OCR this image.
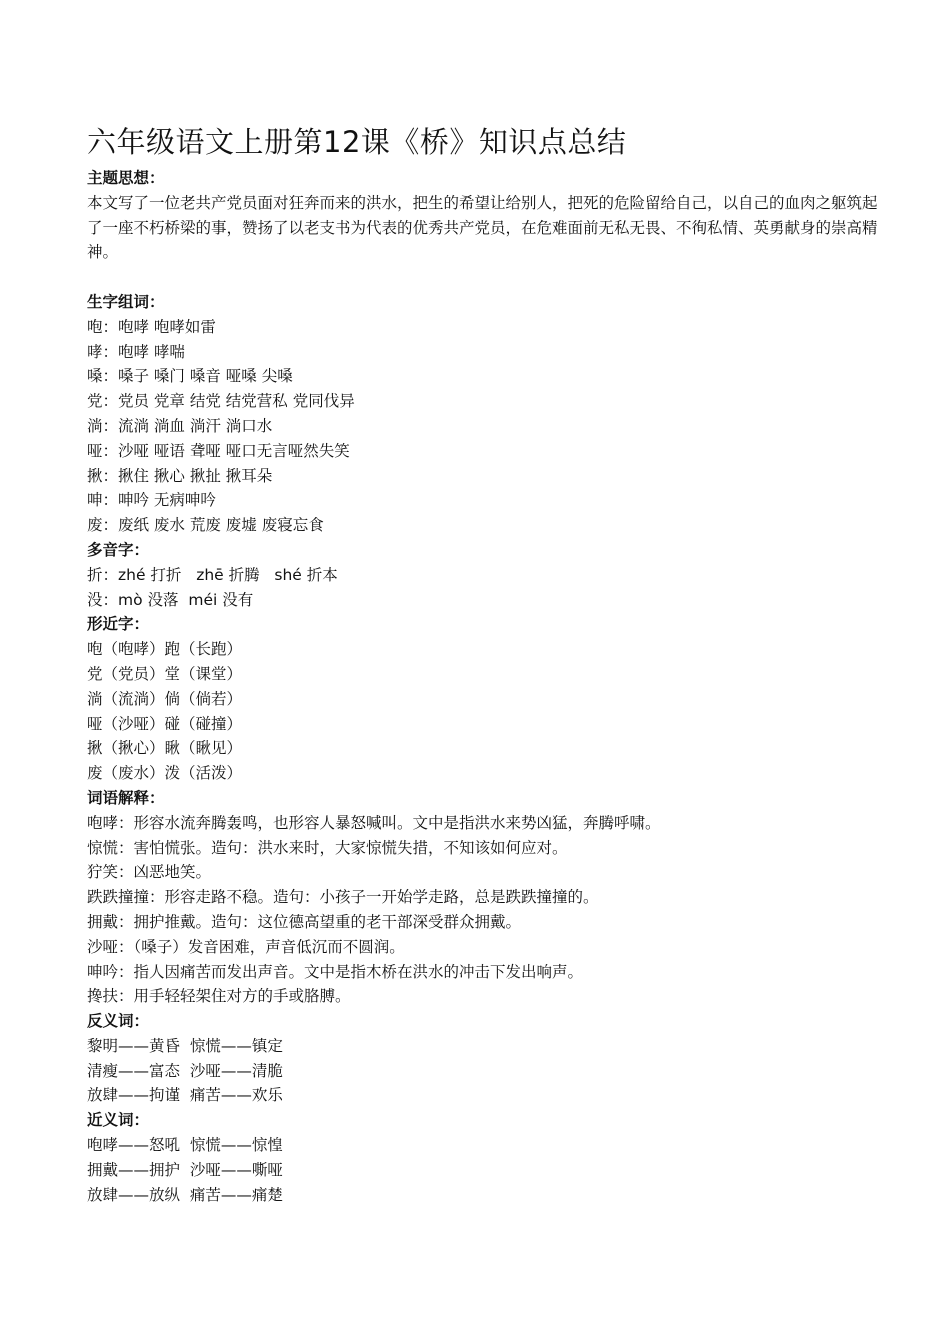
六年级语文上册第12课《桥》知识点总结
主题思想：
本文写了一位老共产党员面对狂奔而来的洪水，把生的希望让给别人，把死的危险留给自己，以自己的血肉之躯筑起了一座不朽桥梁的事，赞扬了以老支书为代表的优秀共产党员，在危难面前无私无畏、不徇私情、英勇献身的崇高精神。
生字组词：
咆：咆哮 咆哮如雷
哮：咆哮 哮喘
嗓：嗓子 嗓门 嗓音 哑嗓 尖嗓
党：党员 党章 结党 结党营私 党同伐异
淌：流淌 淌血 淌汗 淌口水
哑：沙哑 哑语 聋哑 哑口无言哑然失笑
揪：揪住 揪心 揪扯 揪耳朵
呻：呻吟 无病呻吟
废：废纸 废水 荒废 废墟 废寝忘食
多音字：
折：zhé 打折   zhē 折腾   shé 折本
没：mò 没落  méi 没有
形近字：
咆（咆哮）跑（长跑）
党（党员）堂（课堂）
淌（流淌）倘（倘若）
哑（沙哑）碰（碰撞）
揪（揪心）瞅（瞅见）
废（废水）泼（活泼）
词语解释：
咆哮：形容水流奔腾轰鸣，也形容人暴怒喊叫。文中是指洪水来势凶猛，奔腾呼啸。
惊慌：害怕慌张。造句：洪水来时，大家惊慌失措，不知该如何应对。
狞笑：凶恶地笑。
跌跌撞撞：形容走路不稳。造句：小孩子一开始学走路，总是跌跌撞撞的。
拥戴：拥护推戴。造句：这位德高望重的老干部深受群众拥戴。
沙哑：（嗓子）发音困难，声音低沉而不圆润。
呻吟：指人因痛苦而发出声音。文中是指木桥在洪水的冲击下发出响声。
搀扶：用手轻轻架住对方的手或胳膊。
反义词：
黎明——黄昏  惊慌——镇定
清瘦——富态  沙哑——清脆
放肆——拘谨  痛苦——欢乐
近义词：
咆哮——怒吼  惊慌——惊惶
拥戴——拥护  沙哑——嘶哑
放肆——放纵  痛苦——痛楚
